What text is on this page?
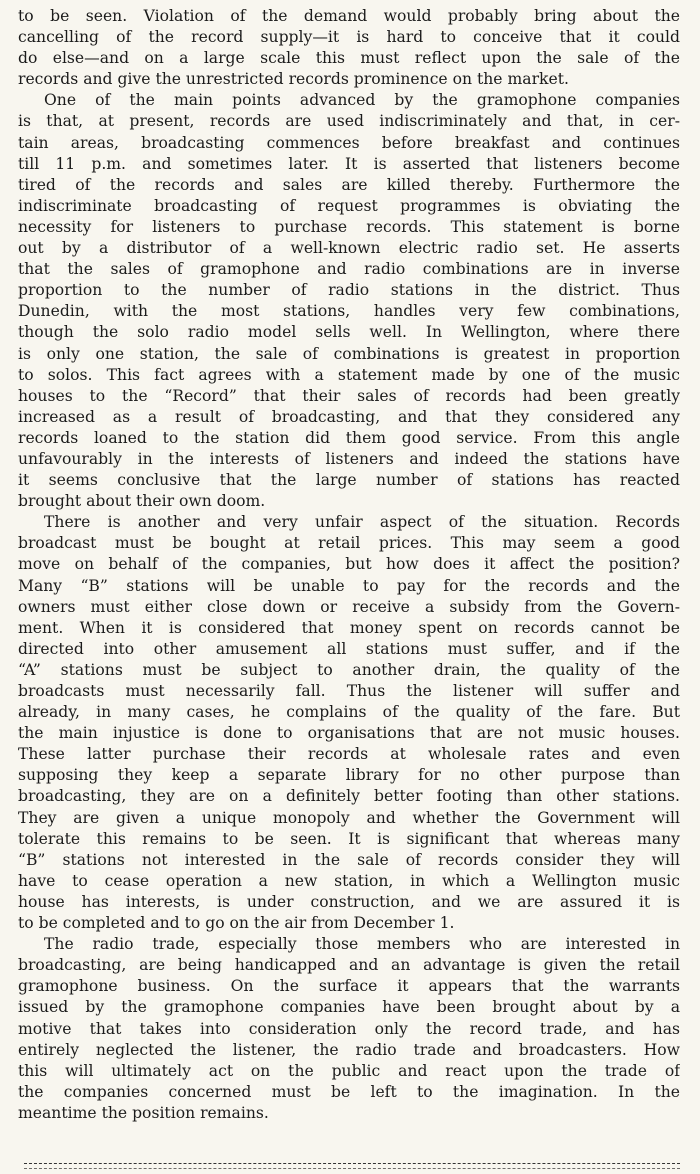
to be seen. Violation of the demand would probably bring about the
cancelling of the record supply—it is hard to conceive that it could
do else—and on a large scale this must reflect upon the sale of the
records and give the unrestricted records prominence on the market.
One of the main points advanced by the gramophone companies
is that, at present, records are used indiscriminately and that, in cer-
tain areas, broadcasting commences before breakfast and continues
till 11 p.m. and sometimes later. It is asserted that listeners become
tired of the records and sales are killed thereby. Furthermore the
indiscriminate broadcasting of request programmes is obviating the
necessity for listeners to purchase records. This statement is borne
out by a distributor of a well-known electric radio set. He asserts
that the sales of gramophone and radio combinations are in inverse
proportion to the number of radio stations in the district. Thus
Dunedin, with the most stations, handles very few combinations,
though the solo radio model sells well. In Wellington, where there
is only one station, the sale of combinations is greatest in proportion
to solos. This fact agrees with a statement made by one of the music
houses to the “Record” that their sales of records had been greatly
increased as a result of broadcasting, and that they considered any
records loaned to the station did them good service. From this angle
unfavourably in the interests of listeners and indeed the stations have
it seems conclusive that the large number of stations has reacted
brought about their own doom.
There is another and very unfair aspect of the situation. Records
broadcast must be bought at retail prices. This may seem a good
move on behalf of the companies, but how does it affect the position?
Many “B” stations will be unable to pay for the records and the
owners must either close down or receive a subsidy from the Govern-
ment. When it is considered that money spent on records cannot be
directed into other amusement all stations must suffer, and if the
“A” stations must be subject to another drain, the quality of the
broadcasts must necessarily fall. Thus the listener will suffer and
already, in many cases, he complains of the quality of the fare. But
the main injustice is done to organisations that are not music houses.
These latter purchase their records at wholesale rates and even
supposing they keep a separate library for no other purpose than
broadcasting, they are on a definitely better footing than other stations.
They are given a unique monopoly and whether the Government will
tolerate this remains to be seen. It is significant that whereas many
“B” stations not interested in the sale of records consider they will
have to cease operation a new station, in which a Wellington music
house has interests, is under construction, and we are assured it is
to be completed and to go on the air from December 1.
The radio trade, especially those members who are interested in
broadcasting, are being handicapped and an advantage is given the retail
gramophone business. On the surface it appears that the warrants
issued by the gramophone companies have been brought about by a
motive that takes into consideration only the record trade, and has
entirely neglected the listener, the radio trade and broadcasters. How
this will ultimately act on the public and react upon the trade of
the companies concerned must be left to the imagination. In the
meantime the position remains.
